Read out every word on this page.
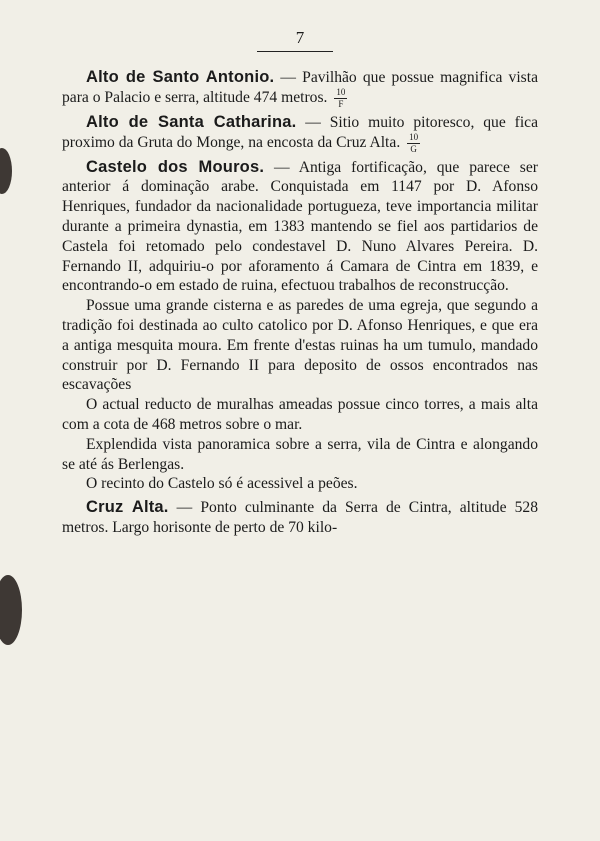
7

Alto de Santo Antonio. — Pavilhão que possue magnifica vista para o Palacio e serra, altitude 474 metros. $\frac{10}{F}$

Alto de Santa Catharina. — Sitio muito pitoresco, que fica proximo da Gruta do Monge, na encosta da Cruz Alta. $\frac{10}{G}$

Castelo dos Mouros. — Antiga fortificação, que parece ser anterior á dominação arabe. Conquistada em 1147 por D. Afonso Henriques, fundador da nacionalidade portugueza, teve importancia militar durante a primeira dynastia, em 1383 mantendo se fiel aos partidarios de Castela foi retomado pelo condestavel D. Nuno Alvares Pereira. D. Fernando II, adquiriu-o por aforamento á Camara de Cintra em 1839, e encontrando-o em estado de ruina, efectuou trabalhos de reconstrucção.

Possue uma grande cisterna e as paredes de uma egreja, que segundo a tradição foi destinada ao culto catolico por D. Afonso Henriques, e que era a antiga mesquita moura. Em frente d'estas ruinas ha um tumulo, mandado construir por D. Fernando II para deposito de ossos encontrados nas escavações

O actual reducto de muralhas ameadas possue cinco torres, a mais alta com a cota de 468 metros sobre o mar.

Explendida vista panoramica sobre a serra, vila de Cintra e alongando se até ás Berlengas.

O recinto do Castelo só é acessivel a peões.

Cruz Alta. — Ponto culminante da Serra de Cintra, altitude 528 metros. Largo horisonte de perto de 70 kilo-
